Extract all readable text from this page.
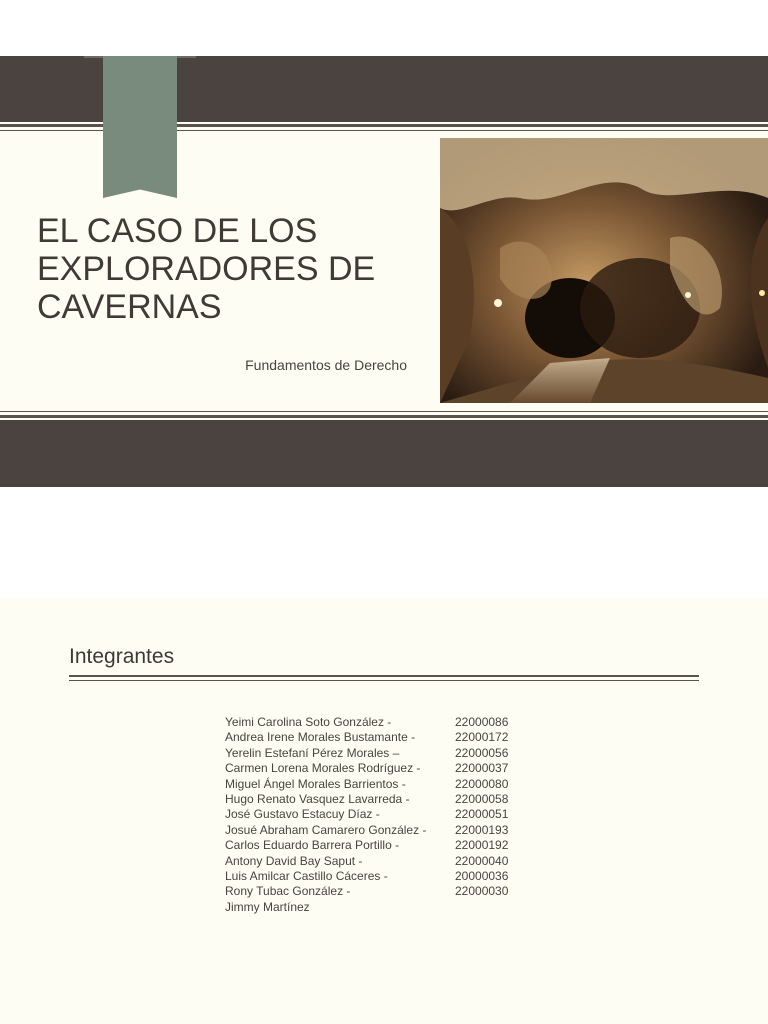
EL CASO DE LOS EXPLORADORES DE CAVERNAS
Fundamentos de Derecho
Integrantes
Yeimi Carolina Soto González -	22000086
Andrea Irene Morales Bustamante -	22000172
Yerelin Estefaní Pérez Morales –	22000056
Carmen Lorena Morales Rodríguez -	22000037
Miguel Ángel Morales Barrientos -	22000080
Hugo Renato Vasquez Lavarreda -	22000058
José Gustavo Estacuy Díaz -	22000051
Josué Abraham Camarero González - 22000193
Carlos Eduardo Barrera Portillo -	22000192
Antony David Bay Saput -	22000040
Luis Amilcar Castillo Cáceres -	20000036
Rony Tubac González -	22000030
Jimmy Martínez
